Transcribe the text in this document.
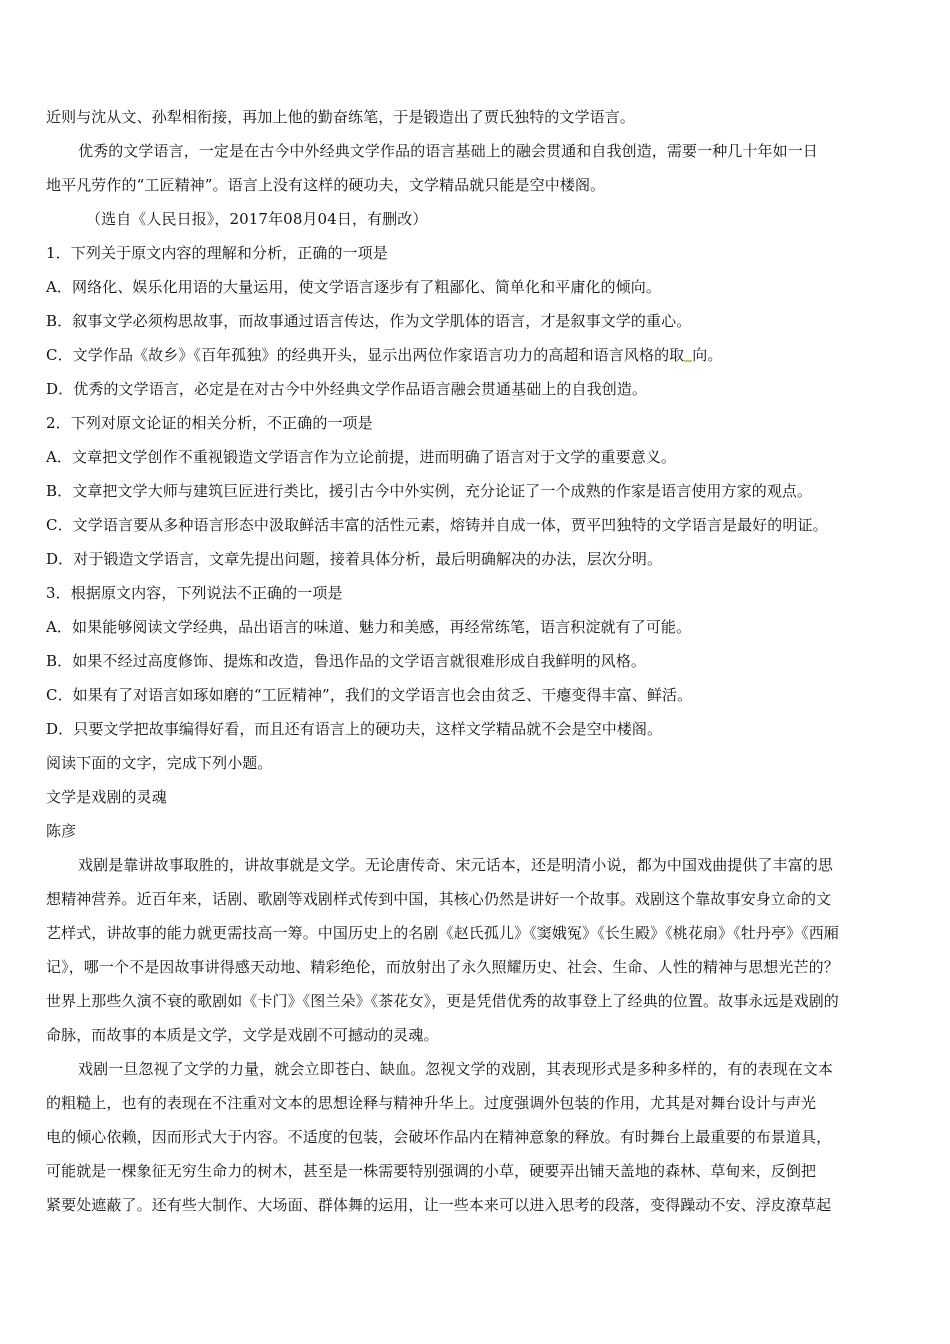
近则与沈从文、孙犁相衔接，再加上他的勤奋练笔，于是锻造出了贾氏独特的文学语言。
优秀的文学语言，一定是在古今中外经典文学作品的语言基础上的融会贯通和自我创造，需要一种几十年如一日
地平凡劳作的“工匠精神”。语言上没有这样的硬功夫，文学精品就只能是空中楼阁。
（选自《人民日报》，2017年08月04日，有删改）
1．下列关于原文内容的理解和分析，正确的一项是
A．网络化、娱乐化用语的大量运用，使文学语言逐步有了粗鄙化、简单化和平庸化的倾向。
B．叙事文学必须构思故事，而故事通过语言传达，作为文学肌体的语言，才是叙事文学的重心。
C．文学作品《故乡》《百年孤独》的经典开头，显示出两位作家语言功力的高超和语言风格的取 向。
D．优秀的文学语言，必定是在对古今中外经典文学作品语言融会贯通基础上的自我创造。
2．下列对原文论证的相关分析，不正确的一项是
A．文章把文学创作不重视锻造文学语言作为立论前提，进而明确了语言对于文学的重要意义。
B．文章把文学大师与建筑巨匠进行类比，援引古今中外实例，充分论证了一个成熟的作家是语言使用方家的观点。
C．文学语言要从多种语言形态中汲取鲜活丰富的活性元素，熔铸并自成一体，贾平凹独特的文学语言是最好的明证。
D．对于锻造文学语言，文章先提出问题，接着具体分析，最后明确解决的办法，层次分明。
3．根据原文内容，下列说法不正确的一项是
A．如果能够阅读文学经典，品出语言的味道、魅力和美感，再经常练笔，语言积淀就有了可能。
B．如果不经过高度修饰、提炼和改造，鲁迅作品的文学语言就很难形成自我鲜明的风格。
C．如果有了对语言如琢如磨的“工匠精神”，我们的文学语言也会由贫乏、干瘪变得丰富、鲜活。
D．只要文学把故事编得好看，而且还有语言上的硬功夫，这样文学精品就不会是空中楼阁。
阅读下面的文字，完成下列小题。
文学是戏剧的灵魂
陈彦
戏剧是靠讲故事取胜的，讲故事就是文学。无论唐传奇、宋元话本，还是明清小说，都为中国戏曲提供了丰富的思
想精神营养。近百年来，话剧、歌剧等戏剧样式传到中国，其核心仍然是讲好一个故事。戏剧这个靠故事安身立命的文
艺样式，讲故事的能力就更需技高一筹。中国历史上的名剧《赵氏孤儿》《窦娥冤》《长生殿》《桃花扇》《牡丹亭》《西厢
记》，哪一个不是因故事讲得感天动地、精彩绝伦，而放射出了永久照耀历史、社会、生命、人性的精神与思想光芒的？
世界上那些久演不衰的歌剧如《卡门》《图兰朵》《茶花女》，更是凭借优秀的故事登上了经典的位置。故事永远是戏剧的
命脉，而故事的本质是文学，文学是戏剧不可撼动的灵魂。
戏剧一旦忽视了文学的力量，就会立即苍白、缺血。忽视文学的戏剧，其表现形式是多种多样的，有的表现在文本
的粗糙上，也有的表现在不注重对文本的思想诠释与精神升华上。过度强调外包装的作用，尤其是对舞台设计与声光
电的倾心依赖，因而形式大于内容。不适度的包装，会破坏作品内在精神意象的释放。有时舞台上最重要的布景道具，
可能就是一棵象征无穷生命力的树木，甚至是一株需要特别强调的小草，硬要弄出铺天盖地的森林、草甸来，反倒把
紧要处遮蔽了。还有些大制作、大场面、群体舞的运用，让一些本来可以进入思考的段落，变得躁动不安、浮皮潦草起
